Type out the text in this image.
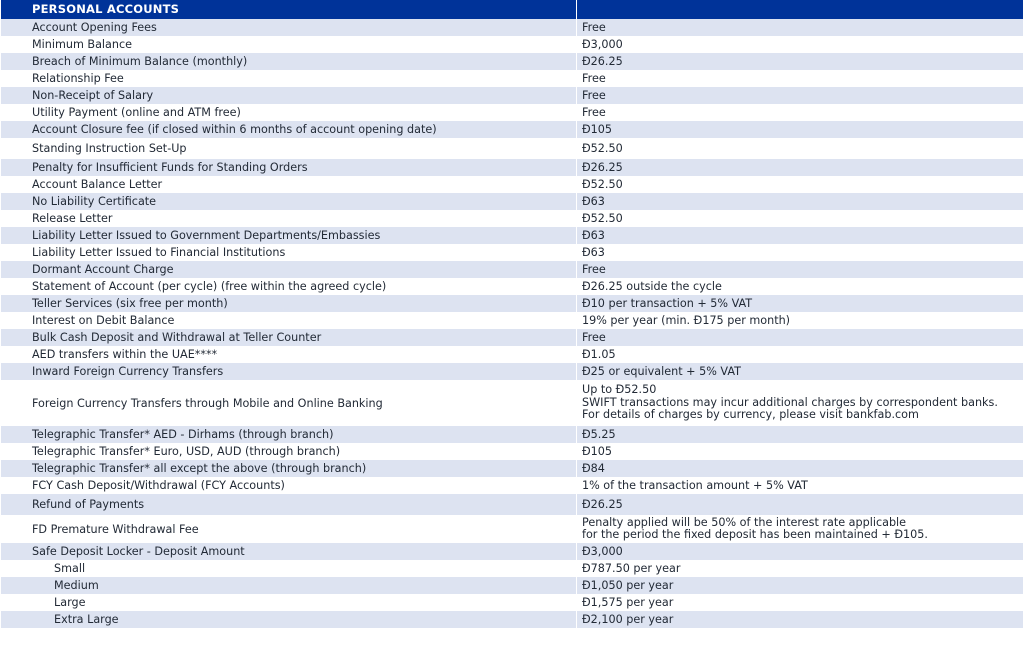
PERSONAL ACCOUNTS	
Account Opening Fees	Free
Minimum Balance	Đ3,000
Breach of Minimum Balance (monthly)	Đ26.25
Relationship Fee	Free
Non-Receipt of Salary	Free
Utility Payment (online and ATM free)	Free
Account Closure fee (if closed within 6 months of account opening date)	Đ105
Standing Instruction Set-Up	Đ52.50
Penalty for Insufficient Funds for Standing Orders	Đ26.25
Account Balance Letter	Đ52.50
No Liability Certificate	Đ63
Release Letter	Đ52.50
Liability Letter Issued to Government Departments/Embassies	Đ63
Liability Letter Issued to Financial Institutions	Đ63
Dormant Account Charge	Free
Statement of Account (per cycle) (free within the agreed cycle)	Đ26.25 outside the cycle
Teller Services (six free per month)	Đ10 per transaction + 5% VAT
Interest on Debit Balance	19% per year (min. Đ175 per month)
Bulk Cash Deposit and Withdrawal at Teller Counter	Free
AED transfers within the UAE****	Đ1.05
Inward Foreign Currency Transfers	Đ25 or equivalent + 5% VAT
Foreign Currency Transfers through Mobile and Online Banking	Up to Đ52.50
SWIFT transactions may incur additional charges by correspondent banks.
For details of charges by currency, please visit bankfab.com

Telegraphic Transfer* AED - Dirhams (through branch)	Đ5.25
Telegraphic Transfer* Euro, USD, AUD (through branch)	Đ105
Telegraphic Transfer* all except the above (through branch)	Đ84
FCY Cash Deposit/Withdrawal (FCY Accounts)	1% of the transaction amount + 5% VAT
Refund of Payments	Đ26.25
FD Premature Withdrawal Fee	Penalty applied will be 50% of the interest rate applicable
for the period the fixed deposit has been maintained + Đ105.

Safe Deposit Locker - Deposit Amount	Đ3,000
Small	Đ787.50 per year
Medium	Đ1,050 per year
Large	Đ1,575 per year
Extra Large	Đ2,100 per year
